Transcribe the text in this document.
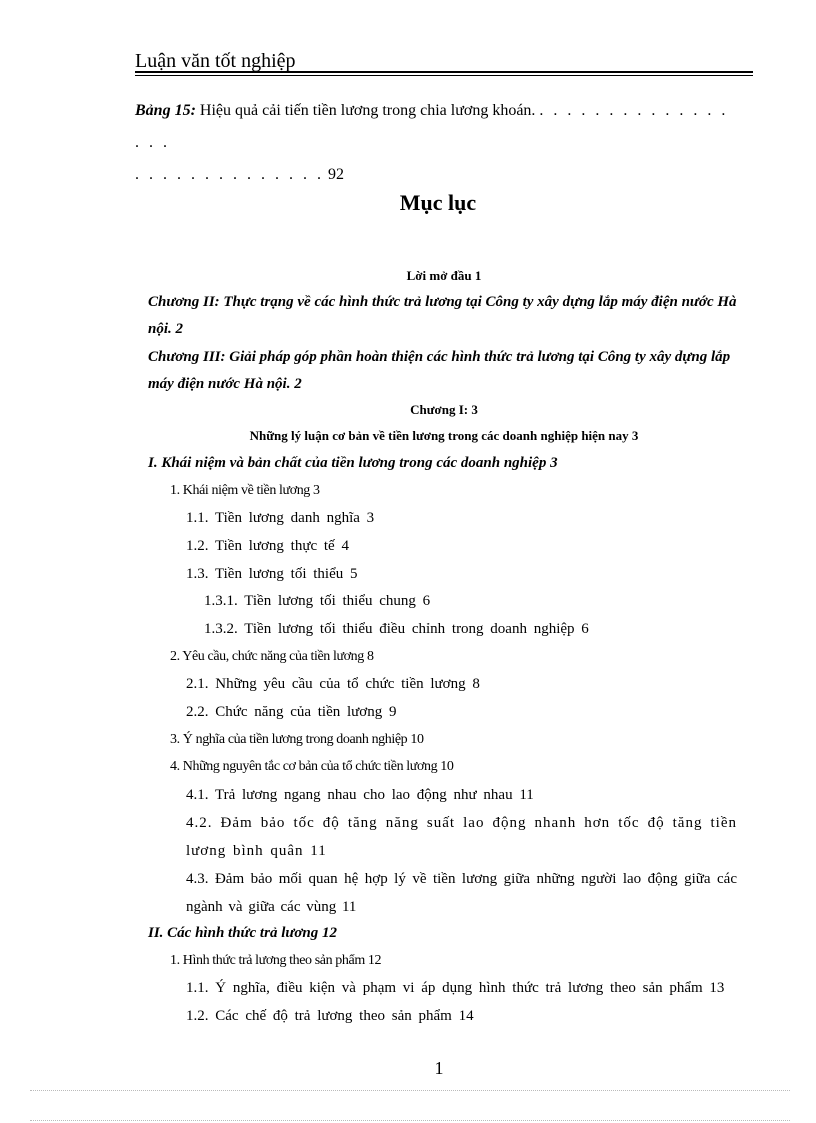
Luận văn tốt nghiệp
Bảng 15: Hiệu quả cải tiến tiền lương trong chia lương khoán. . . . . . . . . . . . . . . . . .
. . . . . . . . . . . . . . 92
Mục lục
Lời mở đầu 1
Chương II: Thực trạng về các hình thức trả lương tại Công ty xây dựng lắp máy điện nước Hà nội. 2
Chương III: Giải pháp góp phần hoàn thiện các hình thức trả lương tại Công ty xây dựng lắp máy điện nước Hà nội. 2
Chương I: 3
Những lý luận cơ bản về tiền lương trong các doanh nghiệp hiện nay 3
I. Khái niệm và bản chất của tiền lương trong các doanh nghiệp 3
1. Khái niệm về tiền lương 3
1.1. Tiền lương danh nghĩa 3
1.2. Tiền lương thực tế 4
1.3. Tiền lương tối thiểu 5
1.3.1. Tiền lương tối thiểu chung 6
1.3.2. Tiền lương tối thiểu điều chỉnh trong doanh nghiệp 6
2. Yêu cầu, chức năng của tiền lương 8
2.1. Những yêu cầu của tổ chức tiền lương 8
2.2. Chức năng của tiền lương 9
3. Ý nghĩa của tiền lương trong doanh nghiệp 10
4. Những nguyên tắc cơ bản của tổ chức tiền lương 10
4.1. Trả lương ngang nhau cho lao động như nhau 11
4.2. Đảm bảo tốc độ tăng năng suất lao động nhanh hơn tốc độ tăng tiền lương bình quân 11
4.3. Đảm bảo mối quan hệ hợp lý về tiền lương giữa những người lao động giữa các ngành và giữa các vùng 11
II. Các hình thức trả lương 12
1. Hình thức trả lương theo sản phẩm 12
1.1. Ý nghĩa, điều kiện và phạm vi áp dụng hình thức trả lương theo sản phẩm 13
1.2. Các chế độ trả lương theo sản phẩm 14
1
